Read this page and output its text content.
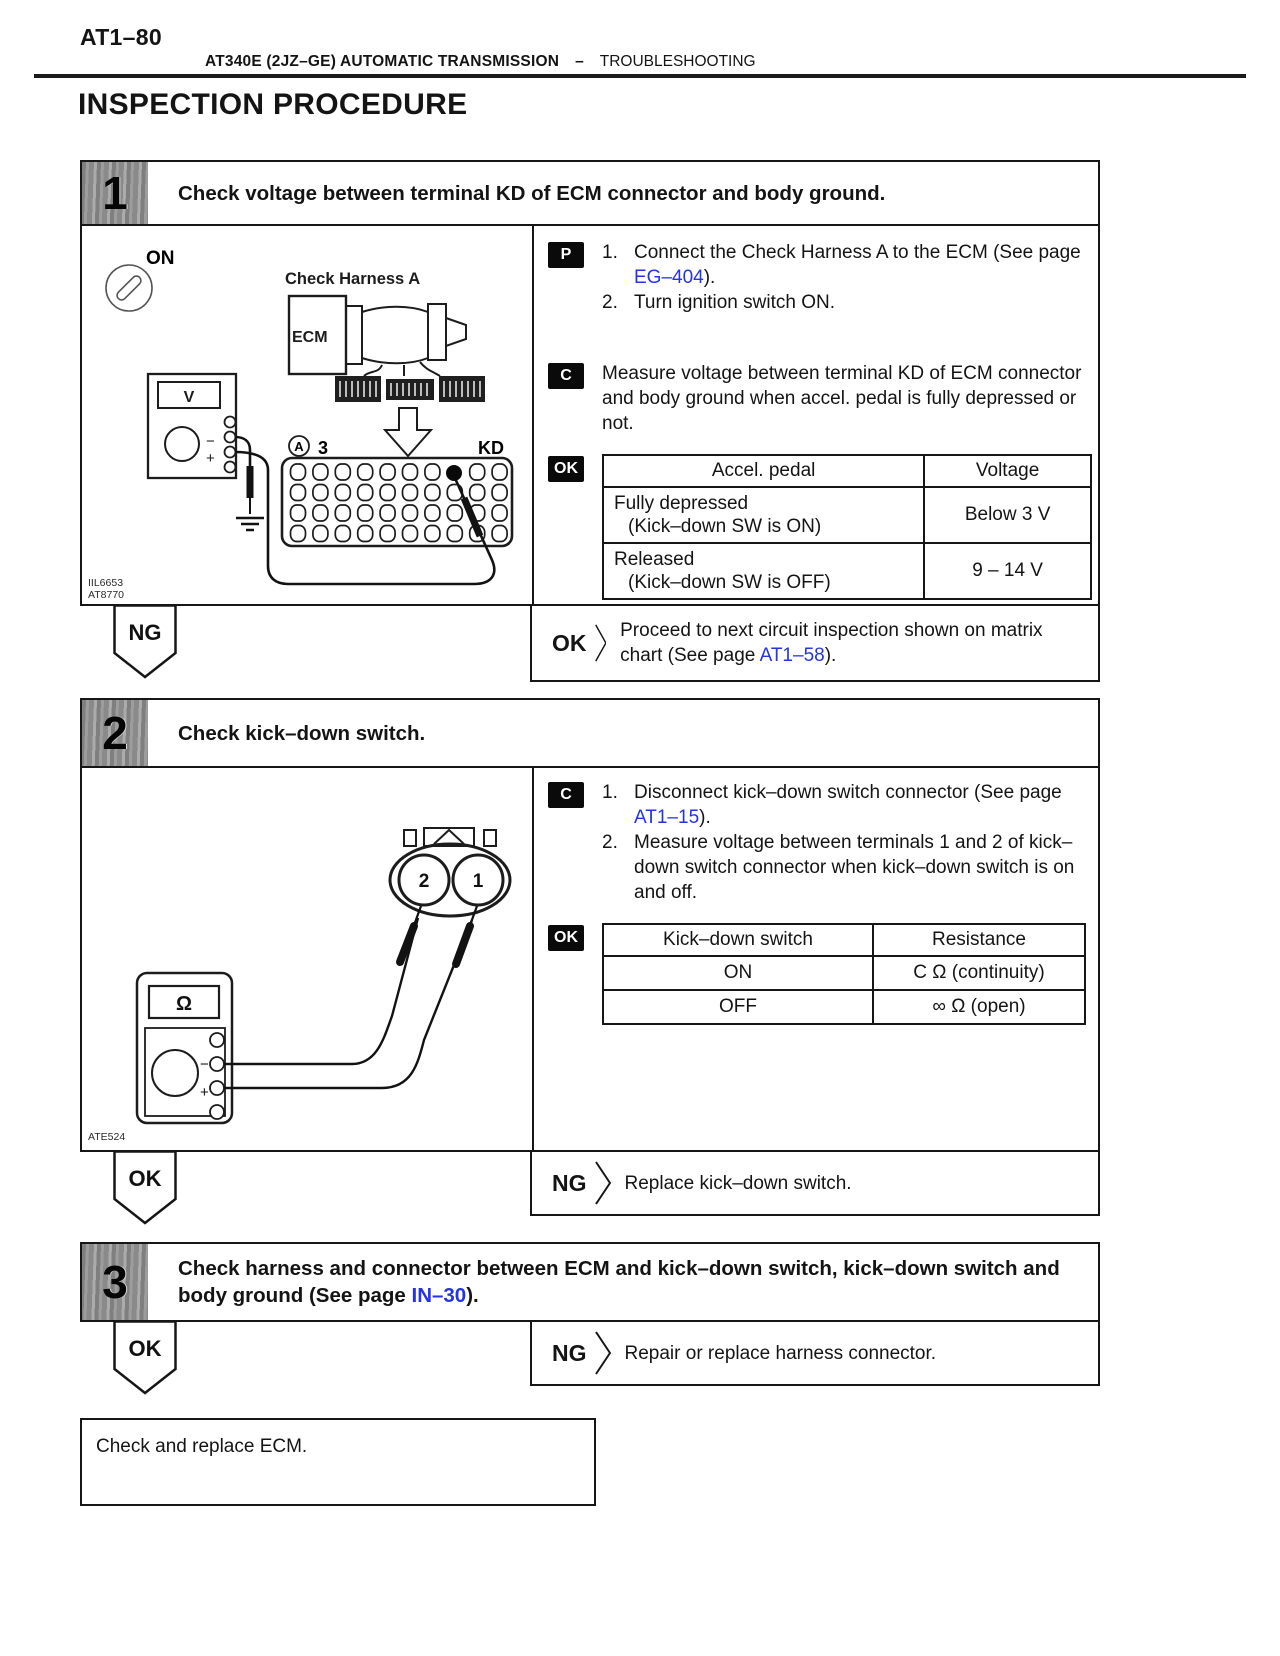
AT1–80
AT340E (2JZ–GE) AUTOMATIC TRANSMISSION – TROUBLESHOOTING
INSPECTION PROCEDURE
1	Check voltage between terminal KD of ECM connector and body ground.
ON
Check Harness A
ECM
A 3	KD
V
−
+
IIL6653
AT8770
P	1. Connect the Check Harness A to the ECM (See page EG–404).
2. Turn ignition switch ON.
C	Measure voltage between terminal KD of ECM connector and body ground when accel. pedal is fully depressed or not.
OK	Accel. pedal	Voltage

Fully depressed
(Kick–down SW is ON)	Below 3 V

Released
(Kick–down SW is OFF)	9 – 14 V
NG	OK Proceed to next circuit inspection shown on matrix chart (See page AT1–58).
2	Check kick–down switch.
2 1
Ω
−
+
ATE524
C	1. Disconnect kick–down switch connector (See page AT1–15).
2. Measure voltage between terminals 1 and 2 of kick–down switch connector when kick–down switch is on and off.
OK	Kick–down switch	Resistance
ON	C Ω (continuity)
OFF	∞ Ω (open)
OK	NG Replace kick–down switch.
3	Check harness and connector between ECM and kick–down switch, kick–down switch and body ground (See page IN–30).
OK	NG Repair or replace harness connector.
Check and replace ECM.
